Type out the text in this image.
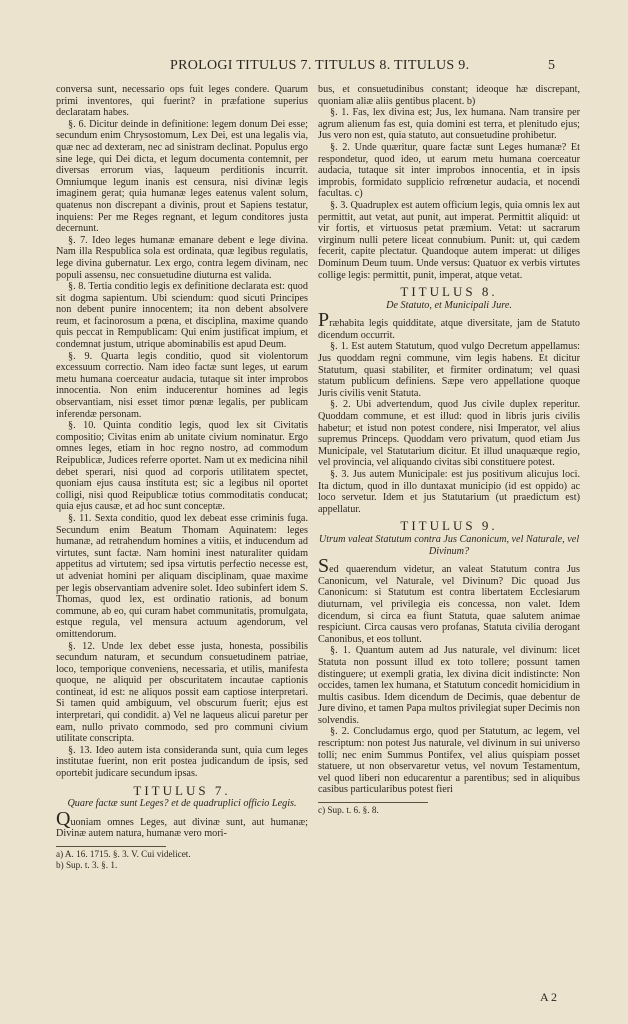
PROLOGI TITULUS 7. TITULUS 8. TITULUS 9.	5

conversa sunt, necessario ops fuit leges condere. Quarum primi inventores, qui fuerint? in præfatione superius declaratam habes.

§. 6. Dicitur deinde in definitione: legem donum Dei esse; secundum enim Chrysostomum, Lex Dei, est una legalis via, quæ nec ad dexteram, nec ad sinistram declinat. Populus ergo sine lege, qui Dei dicta, et legum documenta contemnit, per diversas errorum vias, laqueum perditionis incurrit. Omniumque legum inanis est censura, nisi divinæ legis imaginem gerat; quia humanæ leges eatenus valent solum, quatenus non discrepant a divinis, prout et Sapiens testatur, inquiens: Per me Reges regnant, et legum conditores justa decernunt.

§. 7. Ideo leges humanæ emanare debent e lege divina. Nam illa Respublica sola est ordinata, quæ legibus regulatis, lege divina gubernatur. Lex ergo, contra legem divinam, nec populi assensu, nec consuetudine diuturna est valida.

§. 8. Tertia conditio legis ex definitione declarata est: quod sit dogma sapientum. Ubi sciendum: quod sicuti Principes non debent punire innocentem; ita non debent absolvere reum, et facinorosum a pœna, et disciplina, maxime quando quis peccat in Rempublicam: Qui enim justificat impium, et condemnat justum, utrique abominabilis est apud Deum.

§. 9. Quarta legis conditio, quod sit violentorum excessuum correctio. Nam ideo factæ sunt leges, ut earum metu humana coerceatur audacia, tutaque sit inter improbos innocentia. Non enim inducerentur homines ad legis observantiam, nisi esset timor pœnæ legalis, per publicam inferendæ personam.

§. 10. Quinta conditio legis, quod lex sit Civitatis compositio; Civitas enim ab unitate civium nominatur. Ergo omnes leges, etiam in hoc regno nostro, ad commodum Reipublicæ, Judices referre oportet. Nam ut ex medicina nihil debet sperari, nisi quod ad corporis utilitatem spectet, quoniam ejus causa instituta est; sic a legibus nil oportet colligi, nisi quod Reipublicæ totius commoditatis conducat; quia ejus causæ, et ad hoc sunt conceptæ.

§. 11. Sexta conditio, quod lex debeat esse criminis fuga. Secundum enim Beatum Thomam Aquinatem: leges humanæ, ad retrahendum homines a vitiis, et inducendum ad virtutes, sunt factæ. Nam homini inest naturaliter quidam appetitus ad virtutem; sed ipsa virtutis perfectio necesse est, ut adveniat homini per aliquam disciplinam, quae maxime per legis observantiam advenire solet. Ideo subinfert idem S. Thomas, quod lex, est ordinatio rationis, ad bonum commune, ab eo, qui curam habet communitatis, promulgata, estque regula, vel mensura actuum agendorum, vel omittendorum.

§. 12. Unde lex debet esse justa, honesta, possibilis secundum naturam, et secundum consuetudinem patriae, loco, temporique conveniens, necessaria, et utilis, manifesta quoque, ne aliquid per obscuritatem incautae captionis contineat, id est: ne aliquos possit eam captiose interpretari. Si tamen quid ambiguum, vel obscurum fuerit; ejus est interpretari, qui condidit. a) Vel ne laqueus alicui paretur per eam, nullo privato commodo, sed pro communi civium utilitate conscripta.

§. 13. Ideo autem ista consideranda sunt, quia cum leges institutae fuerint, non erit postea judicandum de ipsis, sed oportebit judicare secundum ipsas.

TITULUS 7.
Quare factæ sunt Leges? et de quadruplici officio Legis.

Quoniam omnes Leges, aut divinæ sunt, aut humanæ; Divinæ autem natura, humanæ vero mori-

a) A. 16. 1715. §. 3. V. Cui videlicet.
b) Sup. t. 3. §. 1.

bus, et consuetudinibus constant; ideoque hæ discrepant, quoniam aliæ aliis gentibus placent. b)

§. 1. Fas, lex divina est; Jus, lex humana. Nam transire per agrum alienum fas est, quia domini est terra, et plenitudo ejus; Jus vero non est, quia statuto, aut consuetudine prohibetur.

§. 2. Unde quæritur, quare factæ sunt Leges humanæ? Et respondetur, quod ideo, ut earum metu humana coerceatur audacia, tutaque sit inter improbos innocentia, et in ipsis improbis, formidato supplicio refrœnetur audacia, et nocendi facultas. c)

§. 3. Quadruplex est autem officium legis, quia omnis lex aut permittit, aut vetat, aut punit, aut imperat. Permittit aliquid: ut vir fortis, et virtuosus petat præmium. Vetat: ut sacrarum virginum nulli petere liceat connubium. Punit: ut, qui cædem fecerit, capite plectatur. Quandoque autem imperat: ut diliges Dominum Deum tuum. Unde versus: Quatuor ex verbis virtutes collige legis: permittit, punit, imperat, atque vetat.

TITULUS 8.
De Statuto, et Municipali Jure.

Præhabita legis quidditate, atque diversitate, jam de Statuto dicendum occurrit.

§. 1. Est autem Statutum, quod vulgo Decretum appellamus: Jus quoddam regni commune, vim legis habens. Et dicitur Statutum, quasi stabiliter, et firmiter ordinatum; vel quasi statum publicum definiens. Sæpe vero appellatione quoque Juris civilis venit Statuta.

§. 2. Ubi advertendum, quod Jus civile duplex reperitur. Quoddam commune, et est illud: quod in libris juris civilis habetur; et istud non potest condere, nisi Imperator, vel alius supremus Princeps. Quoddam vero privatum, quod etiam Jus Municipale, vel Statutarium dicitur. Et illud unaquæque regio, vel provincia, vel aliquando civitas sibi constituere potest.

§. 3. Jus autem Municipale: est jus positivum alicujus loci. Ita dictum, quod in illo duntaxat municipio (id est oppido) ac loco servetur. Idem et jus Statutarium (ut praedictum est) appellatur.

TITULUS 9.
Utrum valeat Statutum contra Jus Canonicum, vel Naturale, vel Divinum?

Sed quaerendum videtur, an valeat Statutum contra Jus Canonicum, vel Naturale, vel Divinum? Dic quoad Jus Canonicum: si Statutum est contra libertatem Ecclesiarum diuturnam, vel privilegia eis concessa, non valet. Idem dicendum, si circa ea fiunt Statuta, quae salutem animae respiciunt. Circa causas vero profanas, Statuta civilia derogant Canonibus, et eos tollunt.

§. 1. Quantum autem ad Jus naturale, vel divinum: licet Statuta non possunt illud ex toto tollere; possunt tamen distinguere; ut exempli gratia, lex divina dicit indistincte: Non occides, tamen lex humana, et Statutum concedit homicidium in multis casibus. Idem dicendum de Decimis, quae debentur de Jure divino, et tamen Papa multos privilegiat super Decimis non solvendis.

§. 2. Concludamus ergo, quod per Statutum, ac legem, vel rescriptum: non potest Jus naturale, vel divinum in sui universo tolli; nec enim Summus Pontifex, vel alius quispiam posset statuere, ut non observaretur vetus, vel novum Testamentum, vel quod liberi non educarentur a parentibus; sed in aliquibus casibus particularibus potest fieri

c) Sup. t. 6. §. 8.
A 2
